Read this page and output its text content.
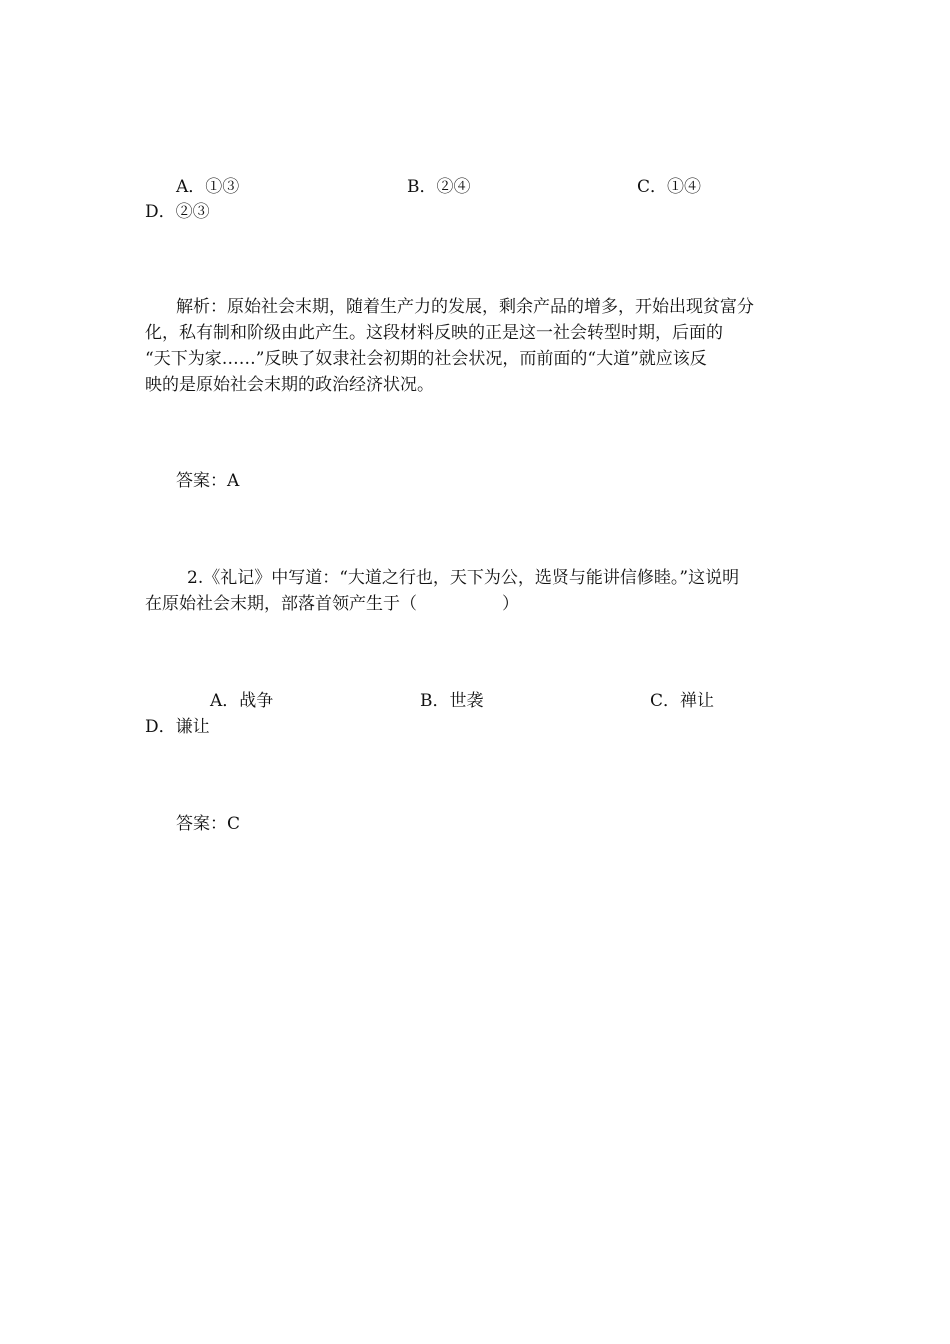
A．①③	B．②④	C．①④
D．②③
解析：原始社会末期，随着生产力的发展，剩余产品的增多，开始出现贫富分
化，私有制和阶级由此产生。这段材料反映的正是这一社会转型时期，后面的
“天下为家……”反映了奴隶社会初期的社会状况，而前面的“大道”就应该反
映的是原始社会末期的政治经济状况。
答案：A
2.《礼记》中写道：“大道之行也，天下为公，选贤与能讲信修睦。”这说明
在原始社会末期，部落首领产生于（　　　　　）
A．战争	B．世袭	C．禅让
D．谦让
答案：C
